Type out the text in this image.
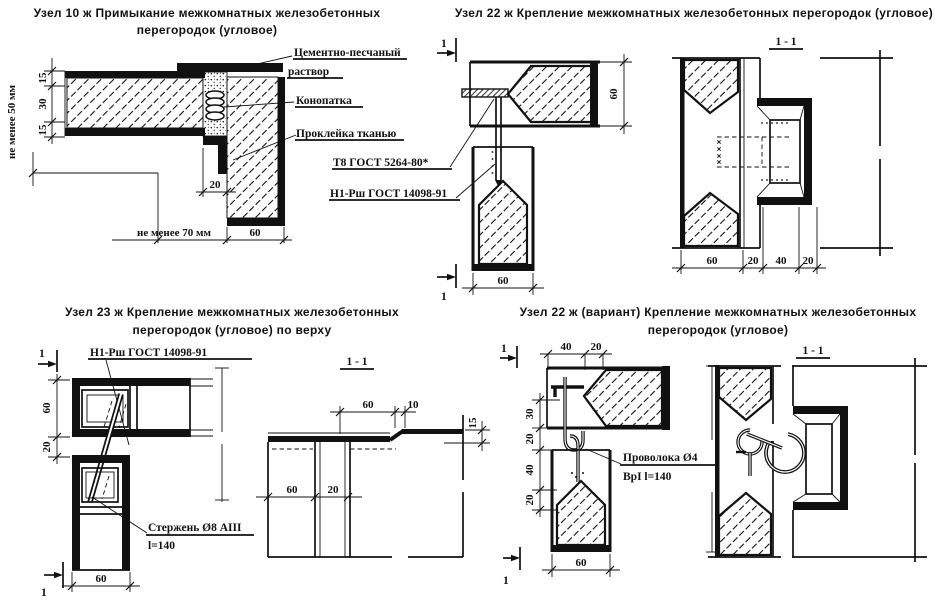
Узел 10 ж Примыкание межкомнатных железобетонных
перегородок (угловое)
Цементно-песчаный
раствор
Конопатка
Проклейка тканью
15
30
15
не менее 50 мм
20
не менее 70 мм	60
Узел 22 ж Крепление межкомнатных железобетонных перегородок (угловое)
1
60
60
1
Т8 ГОСТ 5264-80*
Н1-Рш ГОСТ 14098-91
1 - 1
60	20 40 20
Узел 23 ж Крепление межкомнатных железобетонных
перегородок (угловое) по верху
Н1-Рш ГОСТ 14098-91
1
Стержень Ø8 АIII
l=140
60
20
60
1
1 - 1
60	10
15
60	20
Узел 22 ж (вариант) Крепление межкомнатных железобетонных
перегородок (угловое)
1	40 20
30
20
40
20
Проволока Ø4
ВрI l=140
60
1
1 - 1
